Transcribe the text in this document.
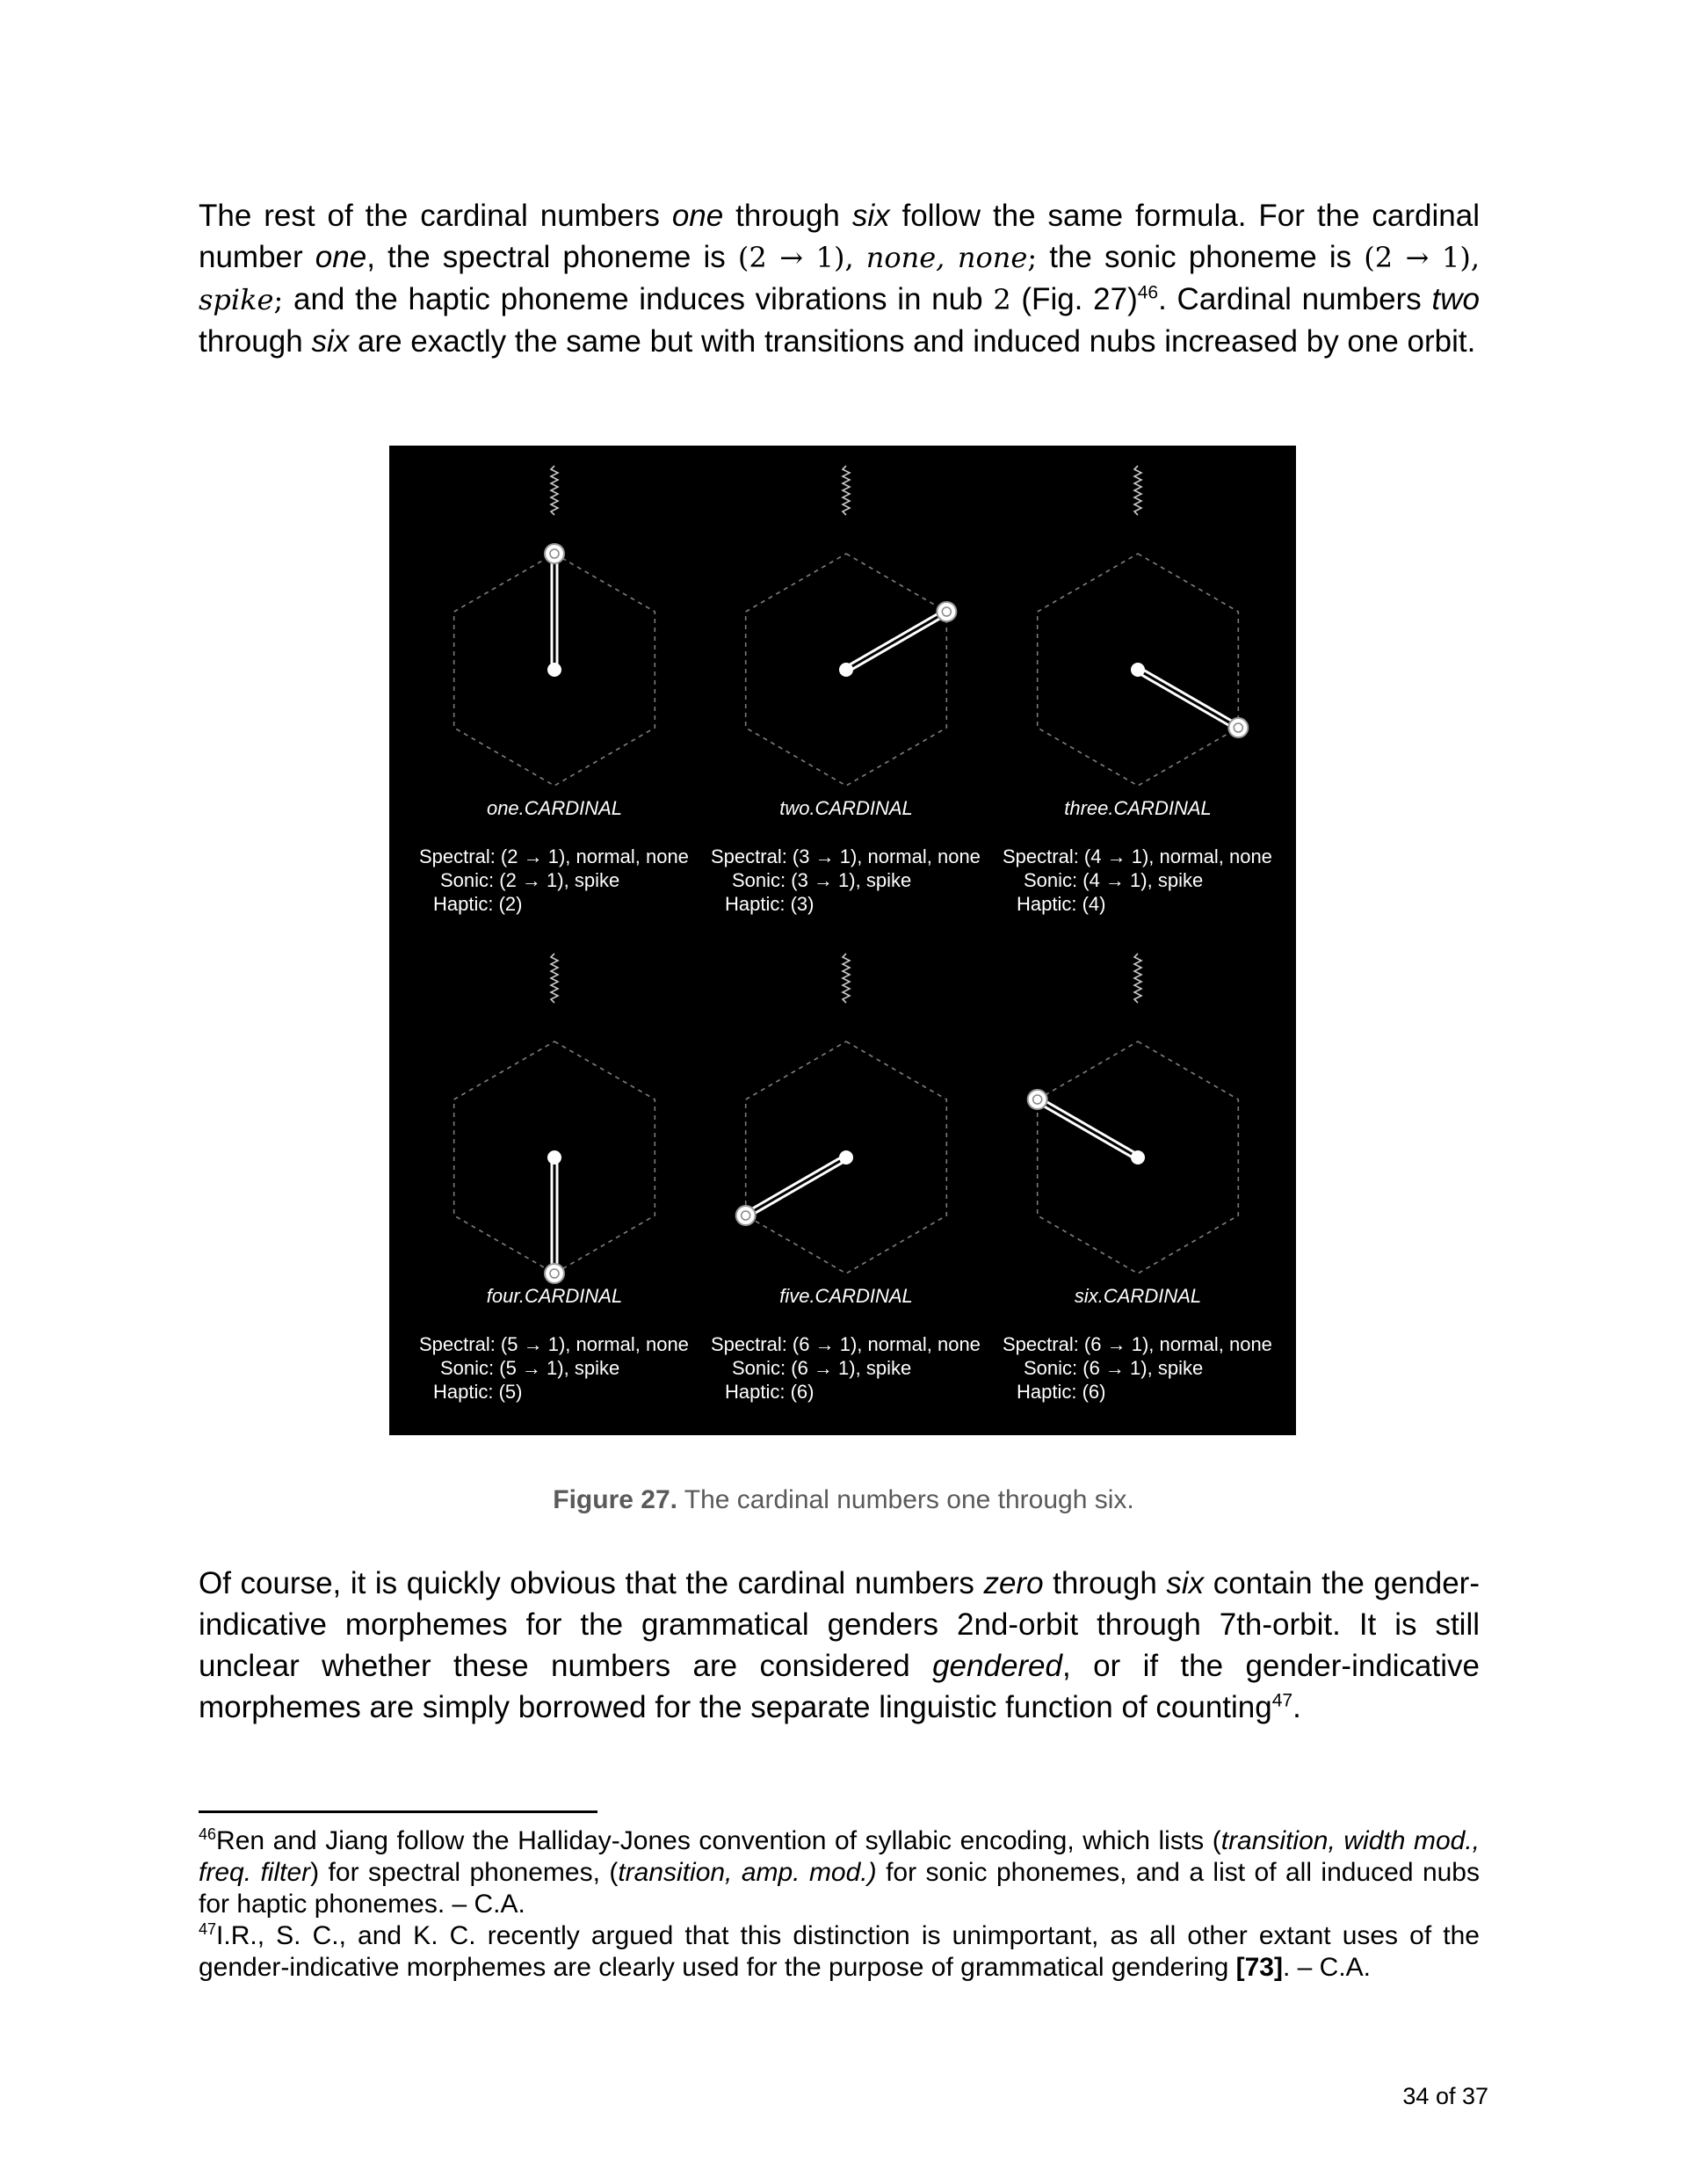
The rest of the cardinal numbers one through six follow the same formula. For the cardinal number one, the spectral phoneme is (2 → 1), none, none; the sonic phoneme is (2 → 1), spike; and the haptic phoneme induces vibrations in nub 2 (Fig. 27)$^{46}$. Cardinal numbers two through six are exactly the same but with transitions and induced nubs increased by one orbit.

one.CARDINAL
Spectral: (2 → 1), normal, none
Sonic: (2 → 1), spike
Haptic: (2)
two.CARDINAL
Spectral: (3 → 1), normal, none
Sonic: (3 → 1), spike
Haptic: (3)
three.CARDINAL
Spectral: (4 → 1), normal, none
Sonic: (4 → 1), spike
Haptic: (4)
four.CARDINAL
Spectral: (5 → 1), normal, none
Sonic: (5 → 1), spike
Haptic: (5)
five.CARDINAL
Spectral: (6 → 1), normal, none
Sonic: (6 → 1), spike
Haptic: (6)
six.CARDINAL
Spectral: (6 → 1), normal, none
Sonic: (6 → 1), spike
Haptic: (6)
Figure 27. The cardinal numbers one through six.

Of course, it is quickly obvious that the cardinal numbers zero through six contain the gender-indicative morphemes for the grammatical genders 2nd-orbit through 7th-orbit. It is still unclear whether these numbers are considered gendered, or if the gender-indicative morphemes are simply borrowed for the separate linguistic function of counting$^{47}$.

$^{46}$Ren and Jiang follow the Halliday-Jones convention of syllabic encoding, which lists (transition, width mod., freq. filter) for spectral phonemes, (transition, amp. mod.) for sonic phonemes, and a list of all induced nubs for haptic phonemes. – C.A.

$^{47}$I.R., S. C., and K. C. recently argued that this distinction is unimportant, as all other extant uses of the gender-indicative morphemes are clearly used for the purpose of grammatical gendering [73]. – C.A.

34 of 37
